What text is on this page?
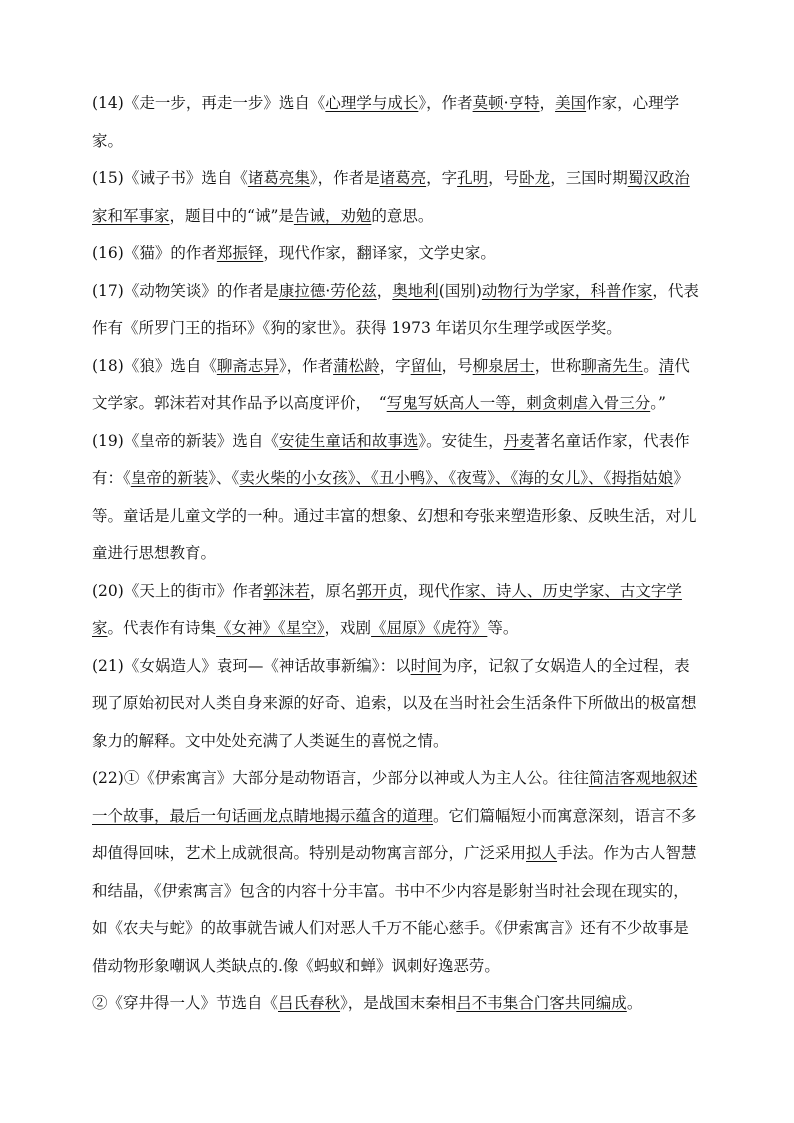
(14)《走一步，再走一步》选自《心理学与成长》，作者莫顿·亨特，美国作家，心理学家。

(15)《诫子书》选自《诸葛亮集》，作者是诸葛亮，字孔明，号卧龙，三国时期蜀汉政治家和军事家，题目中的“诫”是告诫，劝勉的意思。

(16)《猫》的作者郑振铎，现代作家，翻译家，文学史家。

(17)《动物笑谈》的作者是康拉德·劳伦兹，奥地利(国别)动物行为学家，科普作家，代表作有《所罗门王的指环》《狗的家世》。获得 1973 年诺贝尔生理学或医学奖。

(18)《狼》选自《聊斋志异》，作者蒲松龄，字留仙，号柳泉居士，世称聊斋先生。清代文学家。郭沫若对其作品予以高度评价，　“写鬼写妖高人一等，刺贪刺虐入骨三分。”

(19)《皇帝的新装》选自《安徒生童话和故事选》。安徒生，丹麦著名童话作家，代表作 有：《皇帝的新装》、《卖火柴的小女孩》、《丑小鸭》、《夜莺》、《海的女儿》、《拇指姑娘》等。童话是儿童文学的一种。通过丰富的想象、幻想和夸张来塑造形象、反映生活，对儿童进行思想教育。

(20)《天上的街市》作者郭沫若，原名郭开贞，现代作家、诗人、历史学家、古文字学家。代表作有诗集《女神》《星空》，戏剧《屈原》《虎符》等。

(21)《女娲造人》袁珂—《神话故事新编》：以时间为序，记叙了女娲造人的全过程，表现了原始初民对人类自身来源的好奇、追索，以及在当时社会生活条件下所做出的极富想象力的解释。文中处处充满了人类诞生的喜悦之情。

(22)①《伊索寓言》大部分是动物语言，少部分以神或人为主人公。往往简洁客观地叙述一个故事，最后一句话画龙点睛地揭示蕴含的道理。它们篇幅短小而寓意深刻，语言不多却值得回味，艺术上成就很高。特别是动物寓言部分，广泛采用拟人手法。作为古人智慧和结晶，《伊索寓言》包含的内容十分丰富。书中不少内容是影射当时社会现在现实的，如《农夫与蛇》的故事就告诫人们对恶人千万不能心慈手。《伊索寓言》还有不少故事是借动物形象嘲讽人类缺点的.像《蚂蚁和蝉》讽刺好逸恶劳。

②《穿井得一人》节选自《吕氏春秋》，是战国末秦相吕不韦集合门客共同编成。
